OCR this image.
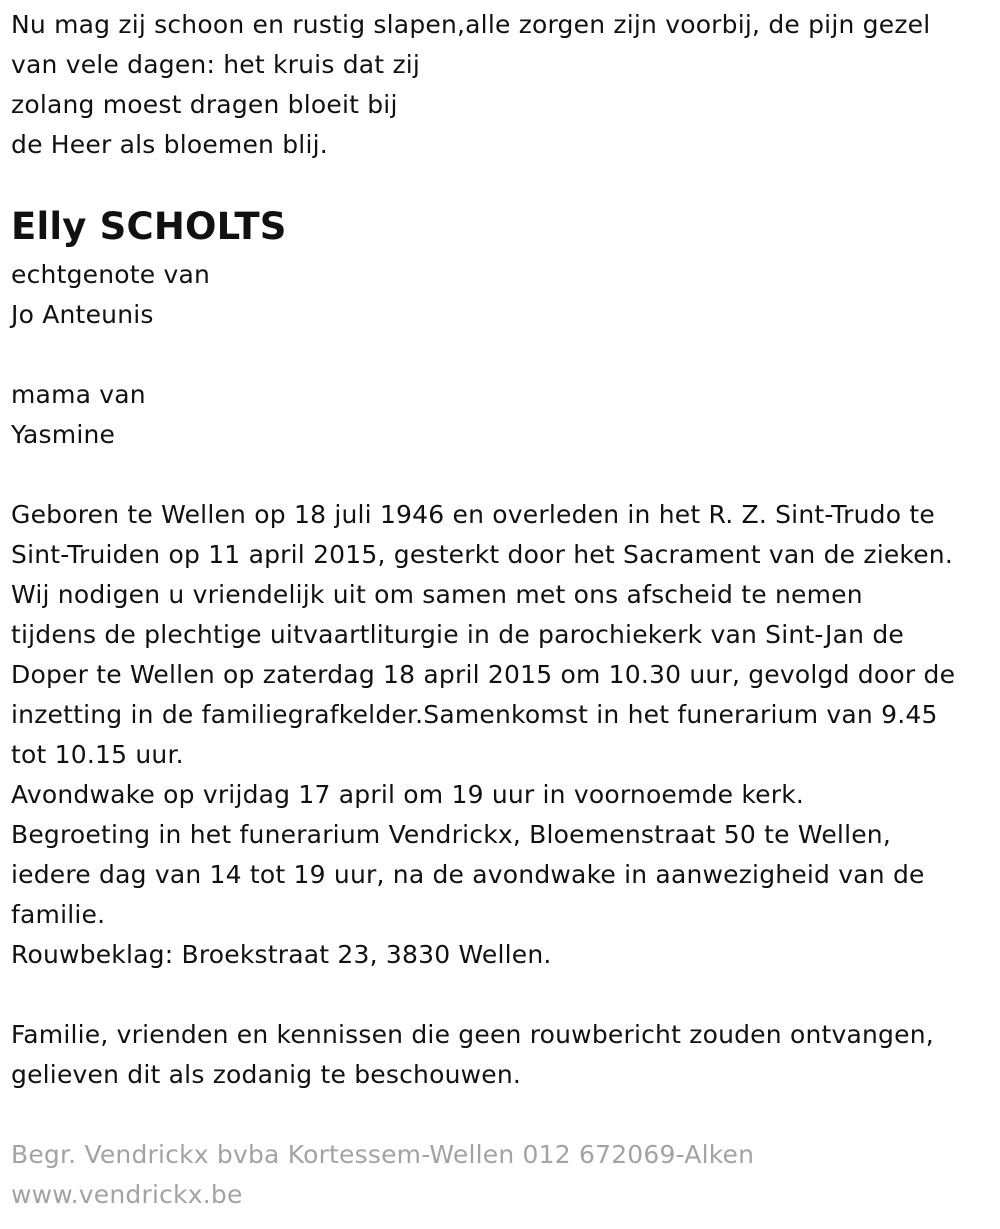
Nu mag zij schoon en rustig slapen,alle zorgen zijn voorbij, de pijn gezel
van vele dagen: het kruis dat zij
zolang moest dragen bloeit bij
de Heer als bloemen blij.
Elly SCHOLTS
echtgenote van
Jo Anteunis
mama van
Yasmine
Geboren te Wellen op 18 juli 1946 en overleden in het R. Z. Sint-Trudo te
Sint-Truiden op 11 april 2015, gesterkt door het Sacrament van de zieken.
Wij nodigen u vriendelijk uit om samen met ons afscheid te nemen
tijdens de plechtige uitvaartliturgie in de parochiekerk van Sint-Jan de
Doper te Wellen op zaterdag 18 april 2015 om 10.30 uur, gevolgd door de
inzetting in de familiegrafkelder.Samenkomst in het funerarium van 9.45
tot 10.15 uur.
Avondwake op vrijdag 17 april om 19 uur in voornoemde kerk.
Begroeting in het funerarium Vendrickx, Bloemenstraat 50 te Wellen,
iedere dag van 14 tot 19 uur, na de avondwake in aanwezigheid van de
familie.
Rouwbeklag: Broekstraat 23, 3830 Wellen.
Familie, vrienden en kennissen die geen rouwbericht zouden ontvangen,
gelieven dit als zodanig te beschouwen.
Begr. Vendrickx bvba Kortessem-Wellen 012 672069-Alken
www.vendrickx.be
